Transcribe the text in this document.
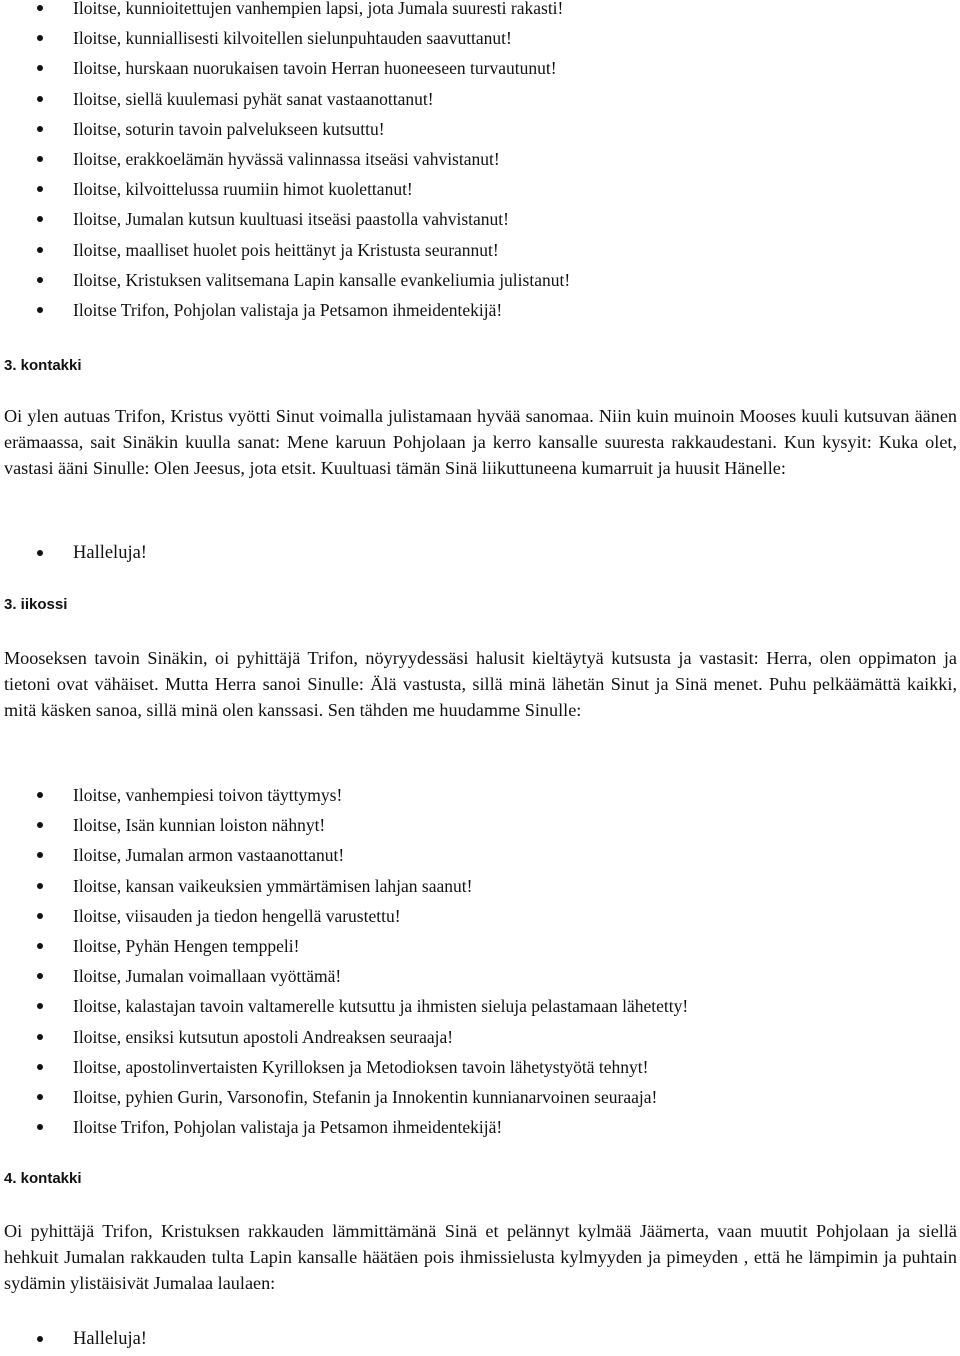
Iloitse, kunnioitettujen vanhempien lapsi, jota Jumala suuresti rakasti!
Iloitse, kunniallisesti kilvoitellen sielunpuhtauden saavuttanut!
Iloitse, hurskaan nuorukaisen tavoin Herran huoneeseen turvautunut!
Iloitse, siellä kuulemasi pyhät sanat vastaanottanut!
Iloitse, soturin tavoin palvelukseen kutsuttu!
Iloitse, erakkoelämän hyvässä valinnassa itseäsi vahvistanut!
Iloitse, kilvoittelussa ruumiin himot kuolettanut!
Iloitse, Jumalan kutsun kuultuasi itseäsi paastolla vahvistanut!
Iloitse, maalliset huolet pois heittänyt ja Kristusta seurannut!
Iloitse, Kristuksen valitsemana Lapin kansalle evankeliumia julistanut!
Iloitse Trifon, Pohjolan valistaja ja Petsamon ihmeidentekijä!
3. kontakki

Oi ylen autuas Trifon, Kristus vyötti Sinut voimalla julistamaan hyvää sanomaa. Niin kuin muinoin Mooses kuuli kutsuvan äänen erämaassa, sait Sinäkin kuulla sanat: Mene karuun Pohjolaan ja kerro kansalle suuresta rakkaudestani. Kun kysyit: Kuka olet, vastasi ääni Sinulle: Olen Jeesus, jota etsit. Kuultuasi tämän Sinä liikuttuneena kumarruit ja huusit Hänelle:

Halleluja!
3. iikossi

Mooseksen tavoin Sinäkin, oi pyhittäjä Trifon, nöyryydessäsi halusit kieltäytyä kutsusta ja vastasit: Herra, olen oppimaton ja tietoni ovat vähäiset. Mutta Herra sanoi Sinulle: Älä vastusta, sillä minä lähetän Sinut ja Sinä menet. Puhu pelkäämättä kaikki, mitä käsken sanoa, sillä minä olen kanssasi. Sen tähden me huudamme Sinulle:

Iloitse, vanhempiesi toivon täyttymys!
Iloitse, Isän kunnian loiston nähnyt!
Iloitse, Jumalan armon vastaanottanut!
Iloitse, kansan vaikeuksien ymmärtämisen lahjan saanut!
Iloitse, viisauden ja tiedon hengellä varustettu!
Iloitse, Pyhän Hengen temppeli!
Iloitse, Jumalan voimallaan vyöttämä!
Iloitse, kalastajan tavoin valtamerelle kutsuttu ja ihmisten sieluja pelastamaan lähetetty!
Iloitse, ensiksi kutsutun apostoli Andreaksen seuraaja!
Iloitse, apostolinvertaisten Kyrilloksen ja Metodioksen tavoin lähetystyötä tehnyt!
Iloitse, pyhien Gurin, Varsonofin, Stefanin ja Innokentin kunnianarvoinen seuraaja!
Iloitse Trifon, Pohjolan valistaja ja Petsamon ihmeidentekijä!
4. kontakki

Oi pyhittäjä Trifon, Kristuksen rakkauden lämmittämänä Sinä et pelännyt kylmää Jäämerta, vaan muutit Pohjolaan ja siellä hehkuit Jumalan rakkauden tulta Lapin kansalle häätäen pois ihmissielusta kylmyyden ja pimeyden , että he lämpimin ja puhtain sydämin ylistäisivät Jumalaa laulaen:

Halleluja!
